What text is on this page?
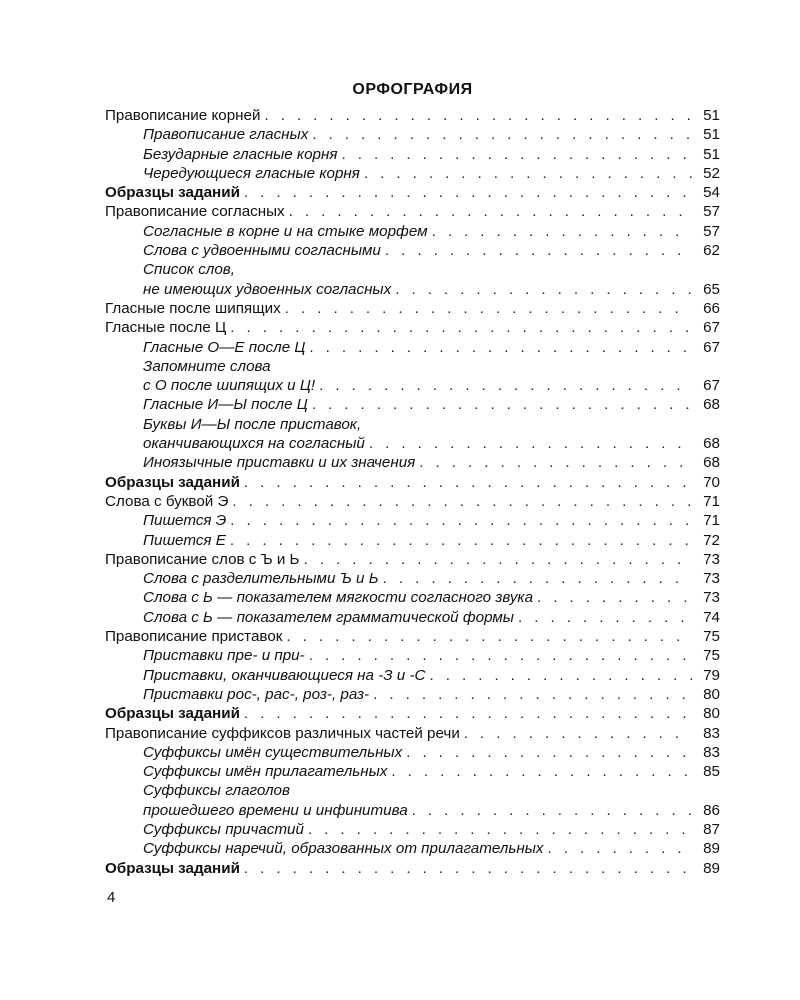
ОРФОГРАФИЯ
Правописание корней . . .	51
Правописание гласных . . .	51
Безударные гласные корня . . .	51
Чередующиеся гласные корня . . .	52
Образцы заданий . . .	54
Правописание согласных . . .	57
Согласные в корне и на стыке морфем . . .	57
Слова с удвоенными согласными . . .	62
Список слов,
не имеющих удвоенных согласных . . .	65
Гласные после шипящих . . .	66
Гласные после Ц . . .	67
Гласные О—Е после Ц . . .	67
Запомните слова
с О после шипящих и Ц! . . .	67
Гласные И—Ы после Ц . . .	68
Буквы И—Ы после приставок,
оканчивающихся на согласный . . .	68
Иноязычные приставки и их значения . . .	68
Образцы заданий . . .	70
Слова с буквой Э . . .	71
Пишется Э . . .	71
Пишется Е . . .	72
Правописание слов с Ъ и Ь . . .	73
Слова с разделительными Ъ и Ь . . .	73
Слова с Ь — показателем мягкости согласного звука . . .	73
Слова с Ь — показателем грамматической формы . . .	74
Правописание приставок . . .	75
Приставки пре- и при- . . .	75
Приставки, оканчивающиеся на -З и -С . . .	79
Приставки рос-, рас-, роз-, раз- . . .	80
Образцы заданий . . .	80
Правописание суффиксов различных частей речи . . .	83
Суффиксы имён существительных . . .	83
Суффиксы имён прилагательных . . .	85
Суффиксы глаголов
прошедшего времени и инфинитива . . .	86
Суффиксы причастий . . .	87
Суффиксы наречий, образованных от прилагательных . . .	89
Образцы заданий . . .	89
4
